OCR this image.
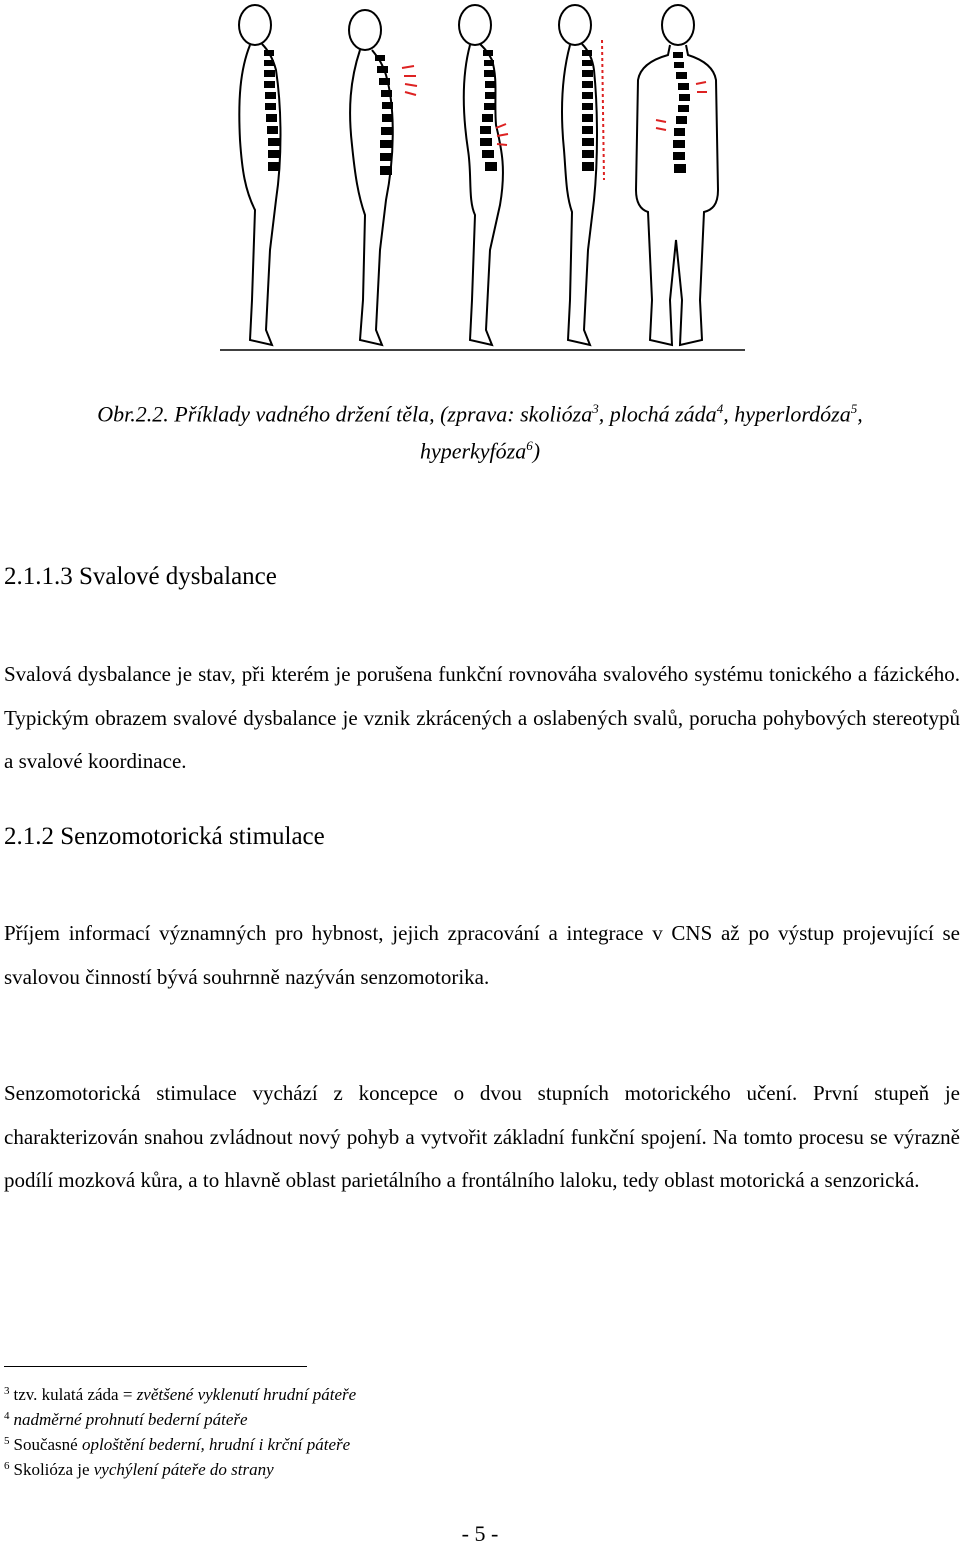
Obr.2.2. Příklady vadného držení těla, (zprava: skolióza$^3$, plochá záda$^4$, hyperlordóza$^5$,
hyperkyfóza$^6$)
2.1.1.3 Svalové dysbalance
Svalová dysbalance je stav, při kterém je porušena funkční rovnováha svalového systému tonického a fázického. Typickým obrazem svalové dysbalance je vznik zkrácených a oslabených svalů, porucha pohybových stereotypů a svalové koordinace.
2.1.2 Senzomotorická stimulace
Příjem informací významných pro hybnost, jejich zpracování a integrace v CNS až po výstup projevující se svalovou činností bývá souhrnně nazýván senzomotorika.
Senzomotorická stimulace vychází z koncepce o dvou stupních motorického učení. První stupeň je charakterizován snahou zvládnout nový pohyb a vytvořit základní funkční spojení. Na tomto procesu se výrazně podílí mozková kůra, a to hlavně oblast parietálního a frontálního laloku, tedy oblast motorická a senzorická.
$^3$ tzv. kulatá záda = zvětšené vyklenutí hrudní páteře
$^4$ nadměrné prohnutí bederní páteře
$^5$ Současné oploštění bederní, hrudní i krční páteře
$^6$ Skolióza je vychýlení páteře do strany
- 5 -
